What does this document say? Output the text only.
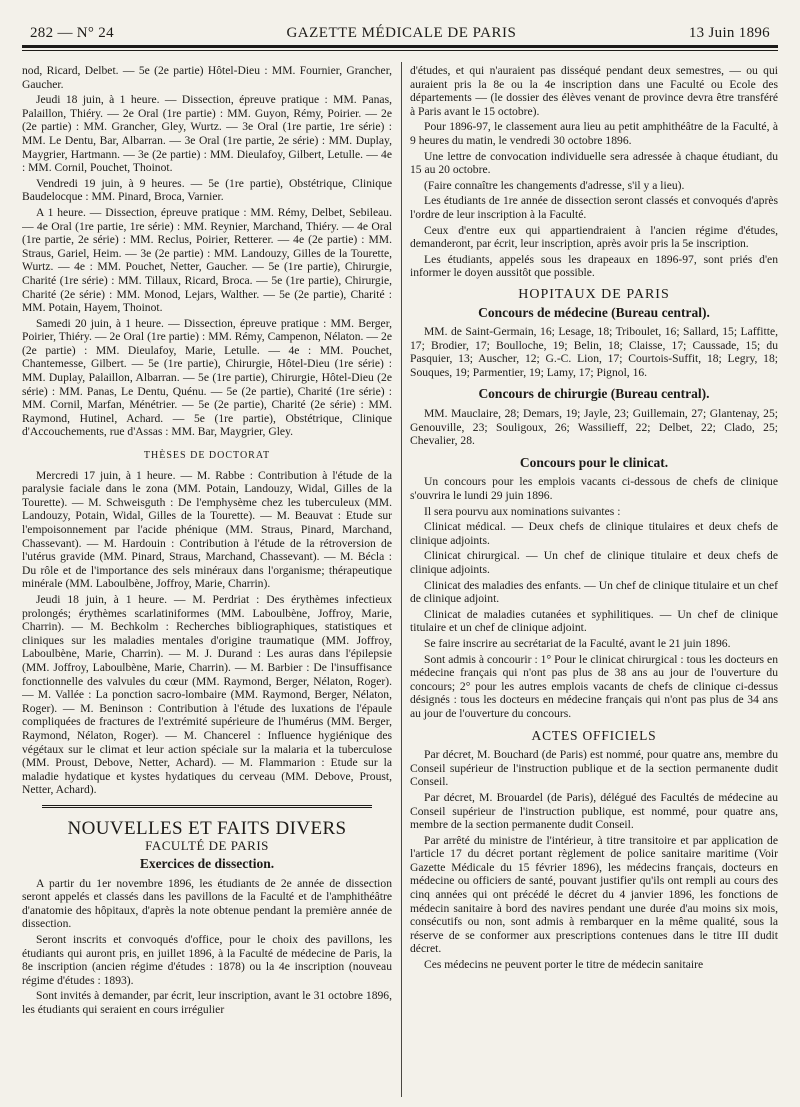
282 — N° 24	GAZETTE MÉDICALE DE PARIS	13 Juin 1896

nod, Ricard, Delbet. — 5e (2e partie) Hôtel-Dieu : MM. Fournier, Grancher, Gaucher.

Jeudi 18 juin, à 1 heure. — Dissection, épreuve pratique : MM. Panas, Palaillon, Thiéry. — 2e Oral (1re partie) : MM. Guyon, Rémy, Poirier. — 2e (2e partie) : MM. Grancher, Gley, Wurtz. — 3e Oral (1re partie, 1re série) : MM. Le Dentu, Bar, Albarran. — 3e Oral (1re partie, 2e série) : MM. Duplay, Maygrier, Hartmann. — 3e (2e partie) : MM. Dieulafoy, Gilbert, Letulle. — 4e : MM. Cornil, Pouchet, Thoinot.

Vendredi 19 juin, à 9 heures. — 5e (1re partie), Obstétrique, Clinique Baudelocque : MM. Pinard, Broca, Varnier.

A 1 heure. — Dissection, épreuve pratique : MM. Rémy, Delbet, Sebileau. — 4e Oral (1re partie, 1re série) : MM. Reynier, Marchand, Thiéry. — 4e Oral (1re partie, 2e série) : MM. Reclus, Poirier, Retterer. — 4e (2e partie) : MM. Straus, Gariel, Heim. — 3e (2e partie) : MM. Landouzy, Gilles de la Tourette, Wurtz. — 4e : MM. Pouchet, Netter, Gaucher. — 5e (1re partie), Chirurgie, Charité (1re série) : MM. Tillaux, Ricard, Broca. — 5e (1re partie), Chirurgie, Charité (2e série) : MM. Monod, Lejars, Walther. — 5e (2e partie), Charité : MM. Potain, Hayem, Thoinot.

Samedi 20 juin, à 1 heure. — Dissection, épreuve pratique : MM. Berger, Poirier, Thiéry. — 2e Oral (1re partie) : MM. Rémy, Campenon, Nélaton. — 2e (2e partie) : MM. Dieulafoy, Marie, Letulle. — 4e : MM. Pouchet, Chantemesse, Gilbert. — 5e (1re partie), Chirurgie, Hôtel-Dieu (1re série) : MM. Duplay, Palaillon, Albarran. — 5e (1re partie), Chirurgie, Hôtel-Dieu (2e série) : MM. Panas, Le Dentu, Quénu. — 5e (2e partie), Charité (1re série) : MM. Cornil, Marfan, Ménétrier. — 5e (2e partie), Charité (2e série) : MM. Raymond, Hutinel, Achard. — 5e (1re partie), Obstétrique, Clinique d'Accouchements, rue d'Assas : MM. Bar, Maygrier, Gley.

THÈSES DE DOCTORAT

Mercredi 17 juin, à 1 heure. — M. Rabbe : Contribution à l'étude de la paralysie faciale dans le zona (MM. Potain, Landouzy, Widal, Gilles de la Tourette). — M. Schweisguth : De l'emphysème chez les tuberculeux (MM. Landouzy, Potain, Widal, Gilles de la Tourette). — M. Beauvat : Etude sur l'empoisonnement par l'acide phénique (MM. Straus, Pinard, Marchand, Chassevant). — M. Hardouin : Contribution à l'étude de la rétroversion de l'utérus gravide (MM. Pinard, Straus, Marchand, Chassevant). — M. Bécla : Du rôle et de l'importance des sels minéraux dans l'organisme; thérapeutique minérale (MM. Laboulbène, Joffroy, Marie, Charrin).

Jeudi 18 juin, à 1 heure. — M. Perdriat : Des érythèmes infectieux prolongés; érythèmes scarlatiniformes (MM. Laboulbène, Joffroy, Marie, Charrin). — M. Bechkolm : Recherches bibliographiques, statistiques et cliniques sur les maladies mentales d'origine traumatique (MM. Joffroy, Laboulbène, Marie, Charrin). — M. J. Durand : Les auras dans l'épilepsie (MM. Joffroy, Laboulbène, Marie, Charrin). — M. Barbier : De l'insuffisance fonctionnelle des valvules du cœur (MM. Raymond, Berger, Nélaton, Roger). — M. Vallée : La ponction sacro-lombaire (MM. Raymond, Berger, Nélaton, Roger). — M. Beninson : Contribution à l'étude des luxations de l'épaule compliquées de fractures de l'extrémité supérieure de l'humérus (MM. Berger, Raymond, Nélaton, Roger). — M. Chancerel : Influence hygiénique des végétaux sur le climat et leur action spéciale sur la malaria et la tuberculose (MM. Proust, Debove, Netter, Achard). — M. Flammarion : Etude sur la maladie hydatique et kystes hydatiques du cerveau (MM. Debove, Proust, Netter, Achard).

NOUVELLES ET FAITS DIVERS
FACULTÉ DE PARIS
Exercices de dissection.

A partir du 1er novembre 1896, les étudiants de 2e année de dissection seront appelés et classés dans les pavillons de la Faculté et de l'amphithéâtre d'anatomie des hôpitaux, d'après la note obtenue pendant la première année de dissection.

Seront inscrits et convoqués d'office, pour le choix des pavillons, les étudiants qui auront pris, en juillet 1896, à la Faculté de médecine de Paris, la 8e inscription (ancien régime d'études : 1878) ou la 4e inscription (nouveau régime d'études : 1893).

Sont invités à demander, par écrit, leur inscription, avant le 31 octobre 1896, les étudiants qui seraient en cours irrégulier

d'études, et qui n'auraient pas disséqué pendant deux semestres, — ou qui auraient pris la 8e ou la 4e inscription dans une Faculté ou Ecole des départements — (le dossier des élèves venant de province devra être transféré à Paris avant le 15 octobre).

Pour 1896-97, le classement aura lieu au petit amphithéâtre de la Faculté, à 9 heures du matin, le vendredi 30 octobre 1896.

Une lettre de convocation individuelle sera adressée à chaque étudiant, du 15 au 20 octobre.

(Faire connaître les changements d'adresse, s'il y a lieu).

Les étudiants de 1re année de dissection seront classés et convoqués d'après l'ordre de leur inscription à la Faculté.

Ceux d'entre eux qui appartiendraient à l'ancien régime d'études, demanderont, par écrit, leur inscription, après avoir pris la 5e inscription.

Les étudiants, appelés sous les drapeaux en 1896-97, sont priés d'en informer le doyen aussitôt que possible.

HOPITAUX DE PARIS
Concours de médecine (Bureau central).

MM. de Saint-Germain, 16; Lesage, 18; Triboulet, 16; Sallard, 15; Laffitte, 17; Brodier, 17; Boulloche, 19; Belin, 18; Claisse, 17; Caussade, 15; du Pasquier, 13; Auscher, 12; G.-C. Lion, 17; Courtois-Suffit, 18; Legry, 18; Souques, 19; Parmentier, 19; Lamy, 17; Pignol, 16.

Concours de chirurgie (Bureau central).

MM. Mauclaire, 28; Demars, 19; Jayle, 23; Guillemain, 27; Glantenay, 25; Genouville, 23; Souligoux, 26; Wassilieff, 22; Delbet, 22; Clado, 25; Chevalier, 28.

Concours pour le clinicat.

Un concours pour les emplois vacants ci-dessous de chefs de clinique s'ouvrira le lundi 29 juin 1896.

Il sera pourvu aux nominations suivantes :

Clinicat médical. — Deux chefs de clinique titulaires et deux chefs de clinique adjoints.

Clinicat chirurgical. — Un chef de clinique titulaire et deux chefs de clinique adjoints.

Clinicat des maladies des enfants. — Un chef de clinique titulaire et un chef de clinique adjoint.

Clinicat de maladies cutanées et syphilitiques. — Un chef de clinique titulaire et un chef de clinique adjoint.

Se faire inscrire au secrétariat de la Faculté, avant le 21 juin 1896.

Sont admis à concourir : 1° Pour le clinicat chirurgical : tous les docteurs en médecine français qui n'ont pas plus de 38 ans au jour de l'ouverture du concours; 2° pour les autres emplois vacants de chefs de clinique ci-dessus désignés : tous les docteurs en médecine français qui n'ont pas plus de 34 ans au jour de l'ouverture du concours.

ACTES OFFICIELS

Par décret, M. Bouchard (de Paris) est nommé, pour quatre ans, membre du Conseil supérieur de l'instruction publique et de la section permanente dudit Conseil.

Par décret, M. Brouardel (de Paris), délégué des Facultés de médecine au Conseil supérieur de l'instruction publique, est nommé, pour quatre ans, membre de la section permanente dudit Conseil.

Par arrêté du ministre de l'intérieur, à titre transitoire et par application de l'article 17 du décret portant règlement de police sanitaire maritime (Voir Gazette Médicale du 15 février 1896), les médecins français, docteurs en médecine ou officiers de santé, pouvant justifier qu'ils ont rempli au cours des cinq années qui ont précédé le décret du 4 janvier 1896, les fonctions de médecin sanitaire à bord des navires pendant une durée d'au moins six mois, consécutifs ou non, sont admis à rembarquer en la même qualité, sous la réserve de se conformer aux prescriptions contenues dans le titre III dudit décret.

Ces médecins ne peuvent porter le titre de médecin sanitaire
